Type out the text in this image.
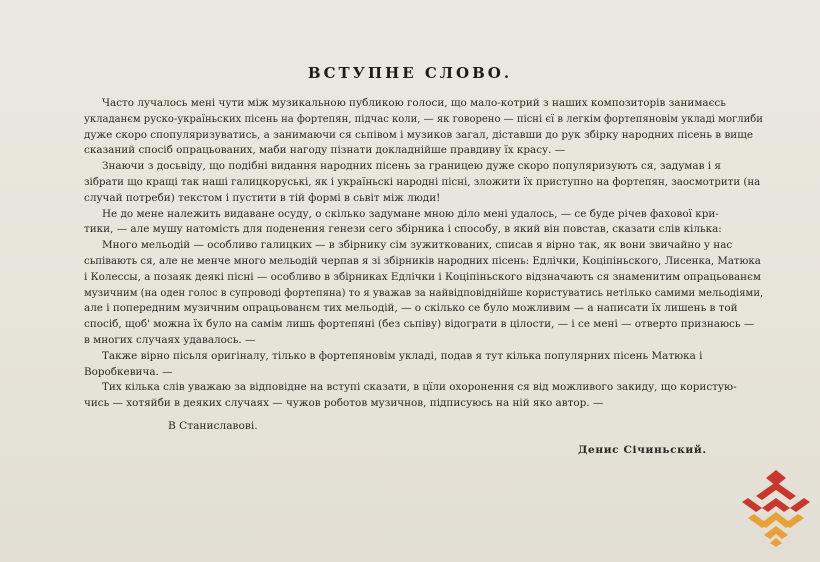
ВСТУПНЕ СЛОВО.
Часто лучалось мені чути між музикальною публикою голоси, що мало-котрий з наших композиторів занимаєсь
укладанєм руско-україньских пісень на фортепян, підчас коли, — як говорено — пісні єї в легкім фортепяновім укладі моглиби
дуже скоро спопуляризуватись, а занимаючи ся сьпівом і музиков загал, діставши до рук збірку народних пісень в вище
сказаний спосіб опрацьованих, маби нагоду пізнати докладнійше правдиву їх красу. —
Знаючи з досьвіду, що подібні видання народних пісень за границею дуже скоро популяризують ся, задумав і я
зібрати що кращі так наші галицкоруські, як і україньскі народні пісні, зложити їх приступно на фортепян, заосмотрити (на
случай потреби) текстом і пустити в тій формі в сьвіт між люди!
Не до мене належить видаване осуду, о скілько задумане мною діло мені удалось, — се буде річев фахової кри-
тики, — але мушу натомість для поденения генези сего збірника і способу, в який він повстав, сказати слів кілька:
Много мельодій — особливо галицких — в збірнику сім зужиткованих, списав я вірно так, як вони звичайно у нас
сьпівають ся, але не менче много мельодій черпав я зі збірників народних пісень: Едлічки, Коціпіньского, Лисенка, Матюка
і Колессы, а позаяк деякі пісні — особливо в збірниках Едлічки і Коціпіньского відзначають ся знаменитим опрацьованєм
музичним (на оден голос в супроводі фортепяна) то я уважав за найвідповіднійше користуватись нетілько самими мельодіями,
але і попередним музичним опрацьованєм тих мельодій, — о скілько се було можливим — а написати їх лишень в той
спосіб, щоб' можна їх було на самім лишь фортепяні (без сьпіву) відограти в цілости, — і се мені — отверто признаюсь —
в многих случаях удавалось. —
Также вірно пісьля оригіналу, тілько в фортепяновім укладі, подав я тут кілька популярних пісень Матюка і
Воробкевича. —
Тих кілька слів уважаю за відповідне на вступі сказати, в цїли охоронення ся від можливого закиду, що користую-
чись — хотяйби в деяких случаях — чужов роботов музичнов, підписуюсь на ній яко автор. —
В Станиславові.
Денис Січиньский.
